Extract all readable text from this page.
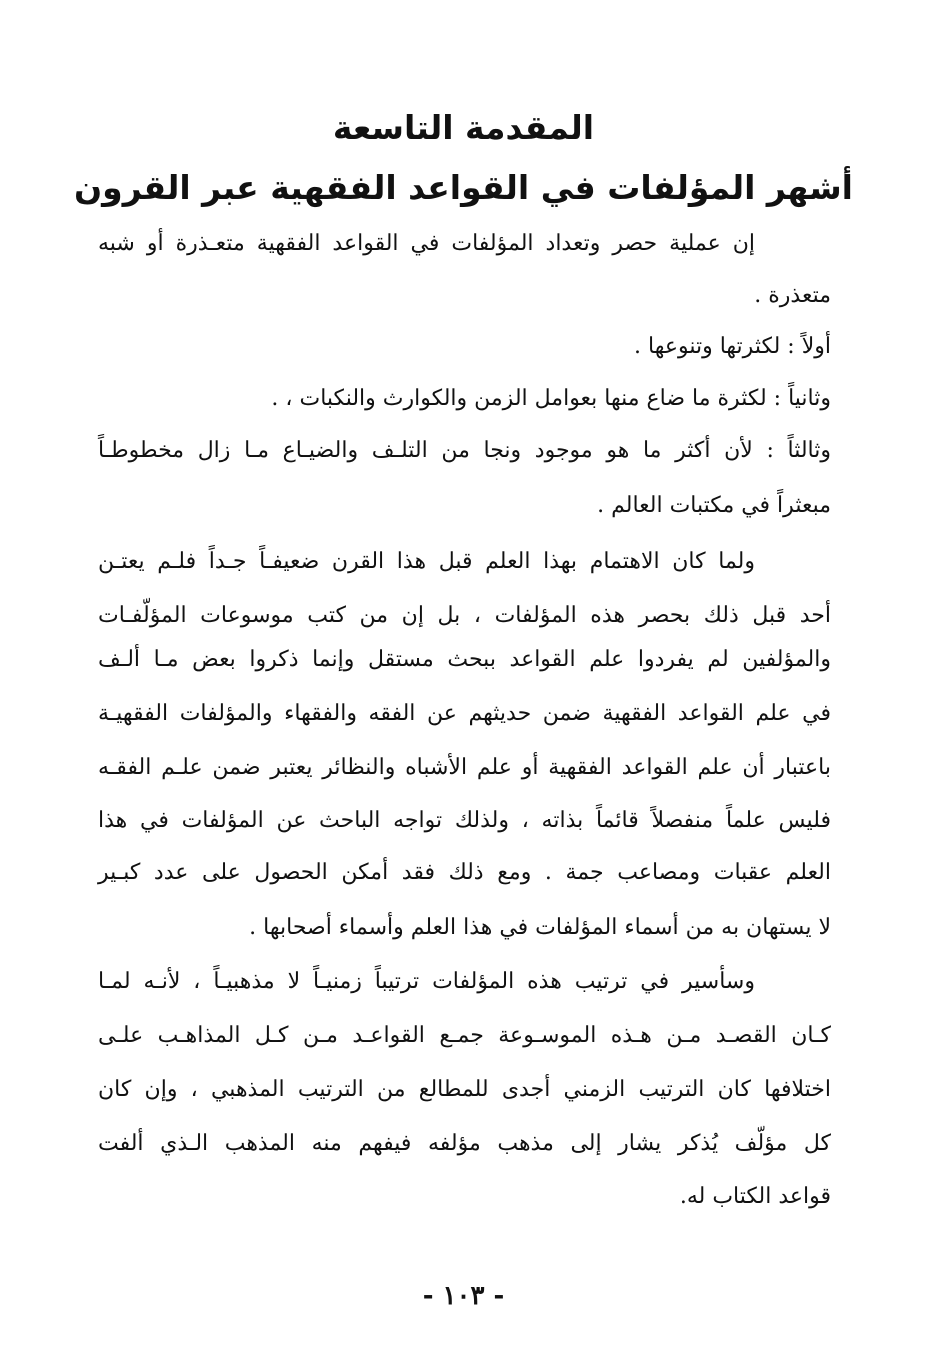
المقدمة التاسعة
أشهر المؤلفات في القواعد الفقهية عبر القرون

إن عملية حصر وتعداد المؤلفات في القواعد الفقهية متعـذرة أو شبه

متعذرة .

أولاً : لكثرتها وتنوعها .

وثانياً : لكثرة ما ضاع منها بعوامل الزمن والكوارث والنكبات ، .

وثالثاً : لأن أكثر ما هو موجود ونجا من التلـف والضيـاع مـا زال مخطوطـاً

مبعثراً في مكتبات العالم .

ولما كان الاهتمام بهذا العلم قبل هذا القرن ضعيفـاً جـداً فلـم يعتـن

أحد قبل ذلك بحصر هذه المؤلفات ، بل إن من كتب موسوعات المؤلّفـات

والمؤلفين لم يفردوا علم القواعد ببحث مستقل وإنما ذكروا بعض مـا ألـف

في علم القواعد الفقهية ضمن حديثهم عن الفقه والفقهاء والمؤلفات الفقهيـة

باعتبار أن علم القواعد الفقهية أو علم الأشباه والنظائر يعتبر ضمن علـم الفقـه

فليس علماً منفصلاً قائماً بذاته ، ولذلك تواجه الباحث عن المؤلفات في هذا

العلم عقبات ومصاعب جمة . ومع ذلك فقد أمكن الحصول على عدد كبـير

لا يستهان به من أسماء المؤلفات في هذا العلم وأسماء أصحابها .

وسأسير في ترتيب هذه المؤلفات ترتيباً زمنيـاً لا مذهبيـاً ، لأنـه لمـا

كـان القصـد مـن هـذه الموسـوعة جمـع القواعـد مـن كـل المذاهـب علـى

اختلافها كان الترتيب الزمني أجدى للمطالع من الترتيب المذهبي ، وإن كان

كل مؤلّف يُذكر يشار إلى مذهب مؤلفه فيفهم منه المذهب الـذي ألفت

قواعد الكتاب له.

- ١٠٣ -
